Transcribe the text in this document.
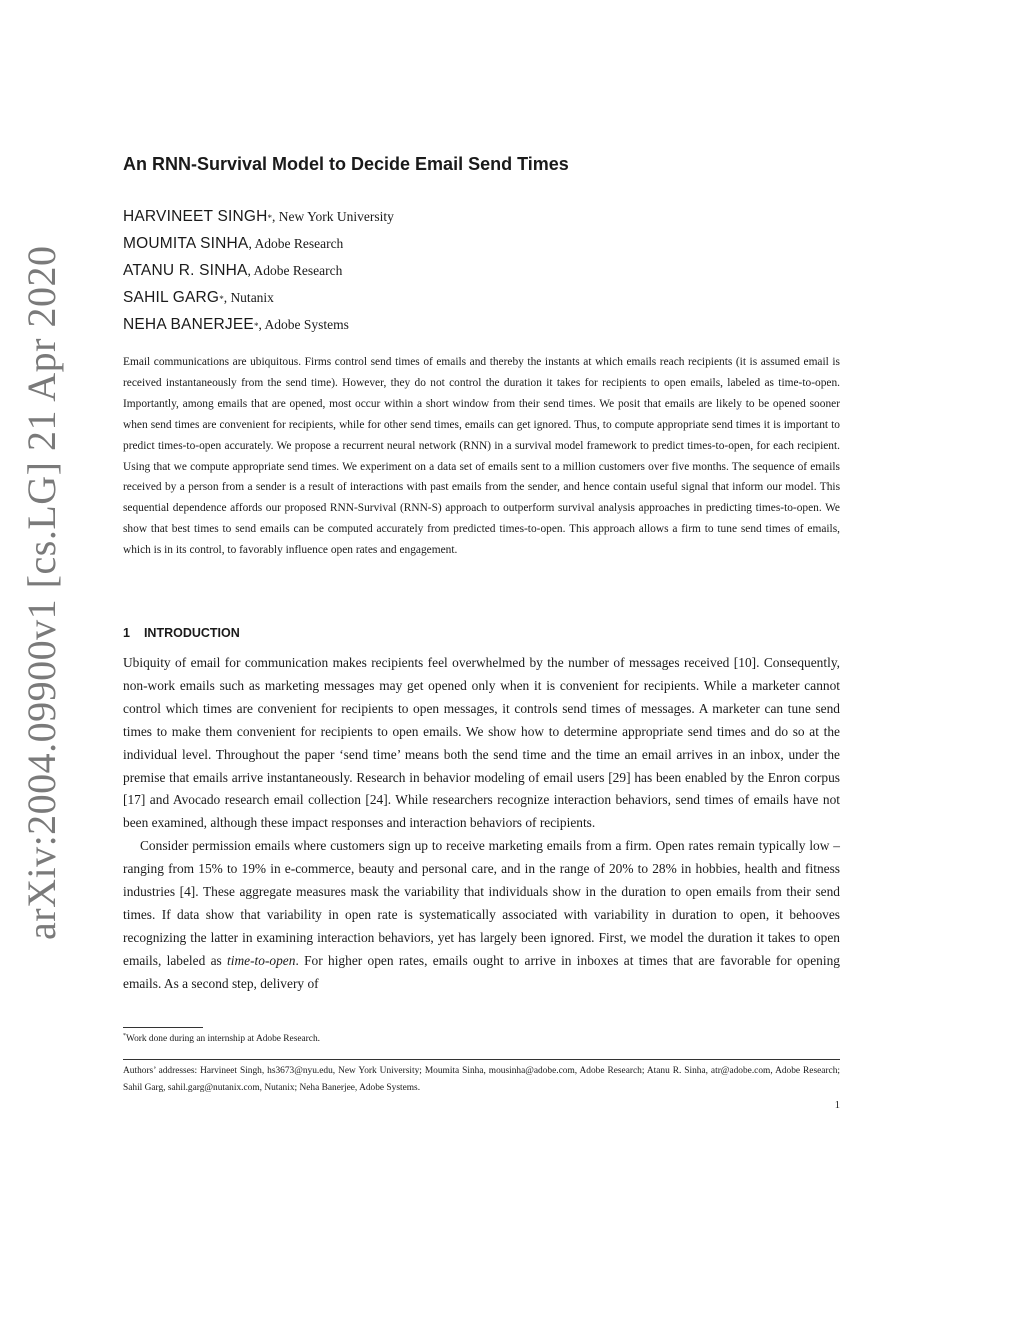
arXiv:2004.09900v1 [cs.LG] 21 Apr 2020
An RNN-Survival Model to Decide Email Send Times
HARVINEET SINGH * , New York University
MOUMITA SINHA , Adobe Research
ATANU R. SINHA , Adobe Research
SAHIL GARG * , Nutanix
NEHA BANERJEE * , Adobe Systems
Email communications are ubiquitous. Firms control send times of emails and thereby the instants at which emails reach recipients (it is assumed email is received instantaneously from the send time). However, they do not control the duration it takes for recipients to open emails, labeled as time-to-open. Importantly, among emails that are opened, most occur within a short window from their send times. We posit that emails are likely to be opened sooner when send times are convenient for recipients, while for other send times, emails can get ignored. Thus, to compute appropriate send times it is important to predict times-to-open accurately. We propose a recurrent neural network (RNN) in a survival model framework to predict times-to-open, for each recipient. Using that we compute appropriate send times. We experiment on a data set of emails sent to a million customers over five months. The sequence of emails received by a person from a sender is a result of interactions with past emails from the sender, and hence contain useful signal that inform our model. This sequential dependence affords our proposed RNN-Survival (RNN-S) approach to outperform survival analysis approaches in predicting times-to-open. We show that best times to send emails can be computed accurately from predicted times-to-open. This approach allows a firm to tune send times of emails, which is in its control, to favorably influence open rates and engagement.
1 INTRODUCTION

Ubiquity of email for communication makes recipients feel overwhelmed by the number of messages received [10]. Consequently, non-work emails such as marketing messages may get opened only when it is convenient for recipients. While a marketer cannot control which times are convenient for recipients to open messages, it controls send times of messages. A marketer can tune send times to make them convenient for recipients to open emails. We show how to determine appropriate send times and do so at the individual level. Throughout the paper ‘send time’ means both the send time and the time an email arrives in an inbox, under the premise that emails arrive instantaneously. Research in behavior modeling of email users [29] has been enabled by the Enron corpus [17] and Avocado research email collection [24]. While researchers recognize interaction behaviors, send times of emails have not been examined, although these impact responses and interaction behaviors of recipients.

Consider permission emails where customers sign up to receive marketing emails from a firm. Open rates remain typically low – ranging from 15% to 19% in e-commerce, beauty and personal care, and in the range of 20% to 28% in hobbies, health and fitness industries [4]. These aggregate measures mask the variability that individuals show in the duration to open emails from their send times. If data show that variability in open rate is systematically associated with variability in duration to open, it behooves recognizing the latter in examining interaction behaviors, yet has largely been ignored. First, we model the duration it takes to open emails, labeled as time-to-open. For higher open rates, emails ought to arrive in inboxes at times that are favorable for opening emails. As a second step, delivery of

*Work done during an internship at Adobe Research.
Authors’ addresses: Harvineet Singh, hs3673@nyu.edu, New York University; Moumita Sinha, mousinha@adobe.com, Adobe Research; Atanu R. Sinha, atr@adobe.com, Adobe Research; Sahil Garg, sahil.garg@nutanix.com, Nutanix; Neha Banerjee, Adobe Systems.
1
